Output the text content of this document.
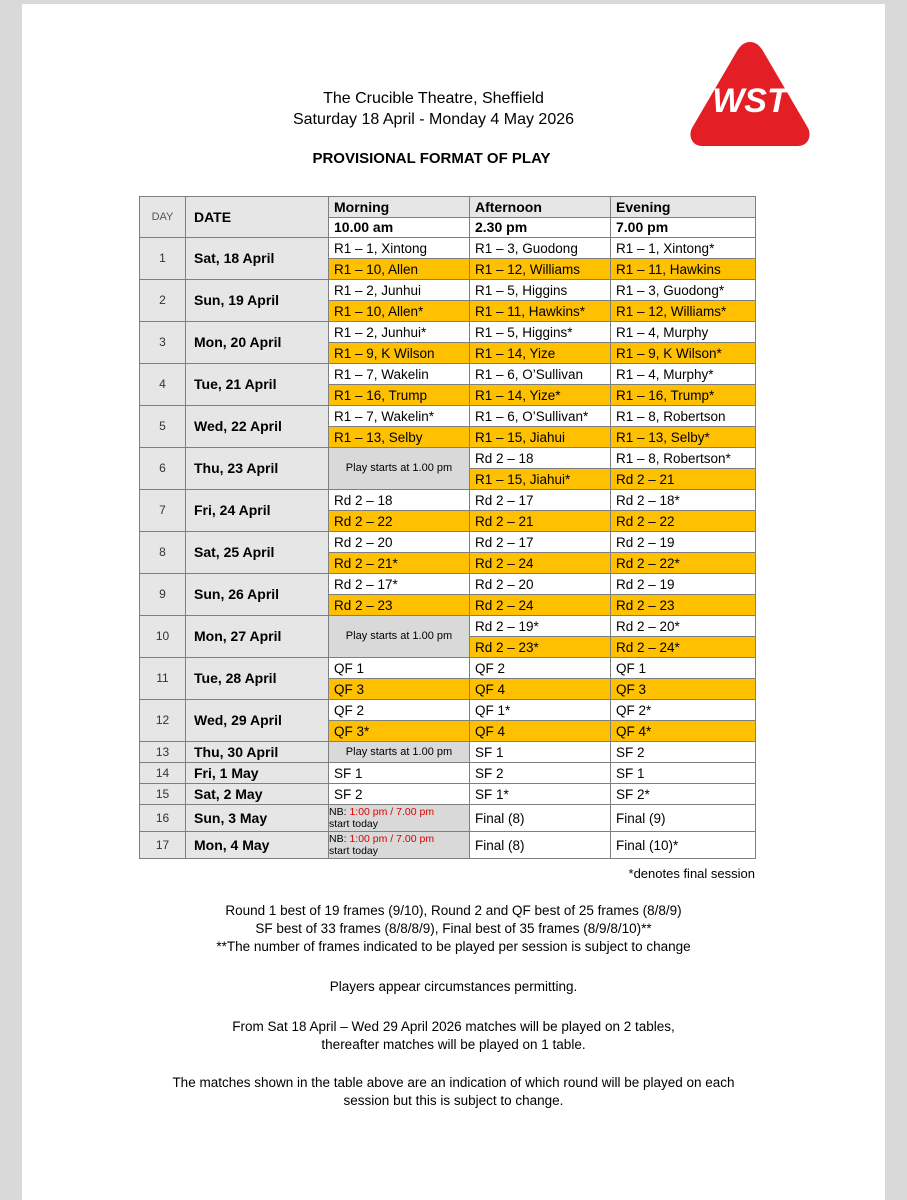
The Crucible Theatre, Sheffield
Saturday 18 April - Monday 4 May 2026
PROVISIONAL FORMAT OF PLAY
WST
DAY	DATE	Morning	Afternoon	Evening
		10.00 am	2.30 pm	7.00 pm
1	Sat, 18 April	R1 – 1, Xintong	R1 – 3, Guodong	R1 – 1, Xintong*
		R1 – 10, Allen	R1 – 12, Williams	R1 – 11, Hawkins
2	Sun, 19 April	R1 – 2, Junhui	R1 – 5, Higgins	R1 – 3, Guodong*
		R1 – 10, Allen*	R1 – 11, Hawkins*	R1 – 12, Williams*
3	Mon, 20 April	R1 – 2, Junhui*	R1 – 5, Higgins*	R1 – 4, Murphy
		R1 – 9, K Wilson	R1 – 14, Yize	R1 – 9, K Wilson*
4	Tue, 21 April	R1 – 7, Wakelin	R1 – 6, O’Sullivan	R1 – 4, Murphy*
		R1 – 16, Trump	R1 – 14, Yize*	R1 – 16, Trump*
5	Wed, 22 April	R1 – 7, Wakelin*	R1 – 6, O’Sullivan*	R1 – 8, Robertson
		R1 – 13, Selby	R1 – 15, Jiahui	R1 – 13, Selby*
6	Thu, 23 April	Play starts at 1.00 pm	Rd 2 – 18	R1 – 8, Robertson*
			R1 – 15, Jiahui*	Rd 2 – 21
7	Fri, 24 April	Rd 2 – 18	Rd 2 – 17	Rd 2 – 18*
		Rd 2 – 22	Rd 2 – 21	Rd 2 – 22
8	Sat, 25 April	Rd 2 – 20	Rd 2 – 17	Rd 2 – 19
		Rd 2 – 21*	Rd 2 – 24	Rd 2 – 22*
9	Sun, 26 April	Rd 2 – 17*	Rd 2 – 20	Rd 2 – 19
		Rd 2 – 23	Rd 2 – 24	Rd 2 – 23
10	Mon, 27 April	Play starts at 1.00 pm	Rd 2 – 19*	Rd 2 – 20*
			Rd 2 – 23*	Rd 2 – 24*
11	Tue, 28 April	QF 1	QF 2	QF 1
		QF 3	QF 4	QF 3
12	Wed, 29 April	QF 2	QF 1*	QF 2*
		QF 3*	QF 4	QF 4*
13	Thu, 30 April	Play starts at 1.00 pm	SF 1	SF 2
14	Fri, 1 May	SF 1	SF 2	SF 1
15	Sat, 2 May	SF 2	SF 1*	SF 2*
16	Sun, 3 May	NB: 1:00 pm / 7.00 pm
start today	Final (8)	Final (9)
17	Mon, 4 May	NB: 1:00 pm / 7.00 pm
start today	Final (8)	Final (10)*
*denotes final session
Round 1 best of 19 frames (9/10), Round 2 and QF best of 25 frames (8/8/9)
SF best of 33 frames (8/8/8/9), Final best of 35 frames (8/9/8/10)**
**The number of frames indicated to be played per session is subject to change
Players appear circumstances permitting.
From Sat 18 April – Wed 29 April 2026 matches will be played on 2 tables,
thereafter matches will be played on 1 table.
The matches shown in the table above are an indication of which round will be played on each
session but this is subject to change.
